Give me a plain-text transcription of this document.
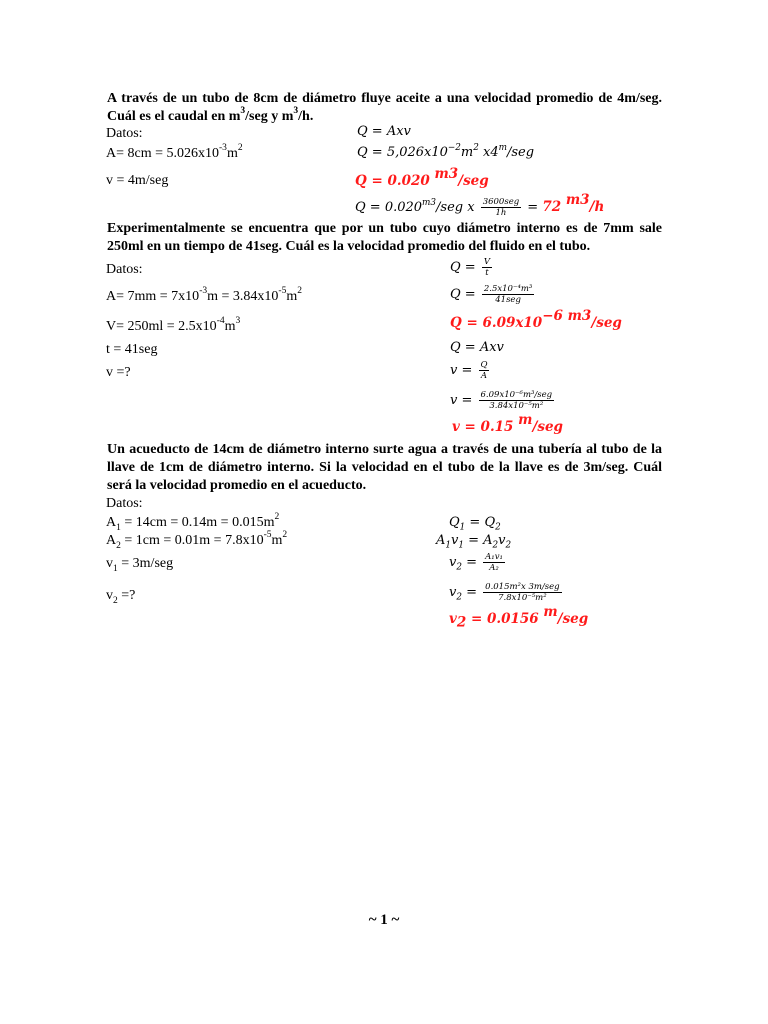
A través de un tubo de 8cm de diámetro fluye aceite a una velocidad promedio de 4m/seg. Cuál es el caudal en $m^3$/seg y $m^3/h$.
Datos:
$A= 8cm = 5.026x10^{-3}m^2$
v = 4m/seg
Q = Axv
$Q = 5,026x10^{-2}m^2$ x4$^m$/seg
Q = 0.020 $^{m3}$/seg
$Q = 0.020^{m3}$/seg x $\frac{\text{3600seg}}{1h} = 72$ $^{m3}$/h
Experimentalmente se encuentra que por un tubo cuyo diámetro interno es de 7mm sale 250ml en un tiempo de 41seg. Cuál es la velocidad promedio del fluido en el tubo.
Datos:
$A= 7mm = 7x10^{-3}m = 3.84x10^{-5}m^2$
$V= 250ml = 2.5x10^{-4}m^3$
t = 41seg
v =?
$Q = \frac{V}{t}$
$Q = \frac{\text{2.5x10⁻⁴m³}}{\text{41seg}}$
$Q = 6.09x10^{-6}$ $^{m3}$/seg
Q = Axv
$v = \frac{Q}{A}$
$v = \frac{\text{6.09x10⁻⁶m³/seg}}{\text{3.84x10⁻⁵m²}}$
v = 0.15 $^m$/seg
Un acueducto de 14cm de diámetro interno surte agua a través de una tubería al tubo de la llave de 1cm de diámetro interno. Si la velocidad en el tubo de la llave es de 3m/seg. Cuál será la velocidad promedio en el acueducto.
Datos:
$A_1 = 14cm = 0.14m = 0.015m^2$
$A_2 = 1cm = 0.01m = 7.8x10^{-5}m^2$
$v_1 = 3m/seg$
$v_2$ =?
$Q_1 = Q_2$
$A_1v_1 = A_2v_2$
$v_2 = \frac{\text{A₁v₁}}{\text{A₂}}$
$v_2 = \frac{\text{0.015m²x 3m/seg}}{\text{7.8x10⁻⁵m²}}$
$v_2 = 0.0156$ $^m$/seg
~ 1 ~
